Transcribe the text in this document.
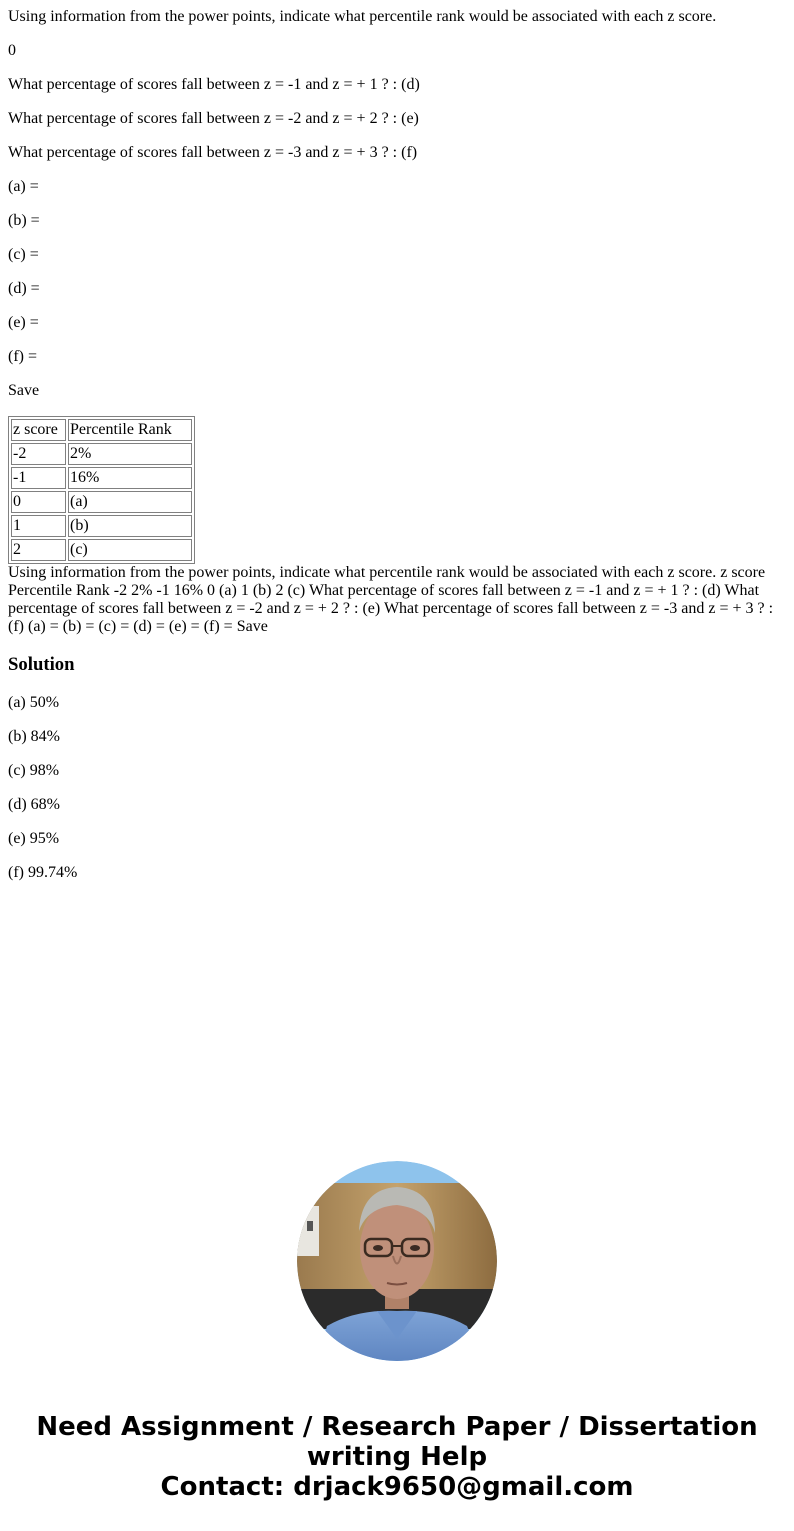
Using information from the power points, indicate what percentile rank would be associated with each z score.

0

What percentage of scores fall between z = -1 and z = + 1 ? : (d)

What percentage of scores fall between z = -2 and z = + 2 ? : (e)

What percentage of scores fall between z = -3 and z = + 3 ? : (f)

(a) =

(b) =

(c) =

(d) =

(e) =

(f) =

Save

z score	Percentile Rank
-2	2%
-1	16%
0	(a)
1	(b)
2	(c)

Using information from the power points, indicate what percentile rank would be associated with each z score. z score Percentile Rank -2 2% -1 16% 0 (a) 1 (b) 2 (c) What percentage of scores fall between z = -1 and z = + 1 ? : (d) What percentage of scores fall between z = -2 and z = + 2 ? : (e) What percentage of scores fall between z = -3 and z = + 3 ? : (f) (a) = (b) = (c) = (d) = (e) = (f) = Save

Solution

(a) 50%

(b) 84%

(c) 98%

(d) 68%

(e) 95%

(f) 99.74%

Need Assignment / Research Paper / Dissertation
writing Help
Contact: drjack9650@gmail.com
